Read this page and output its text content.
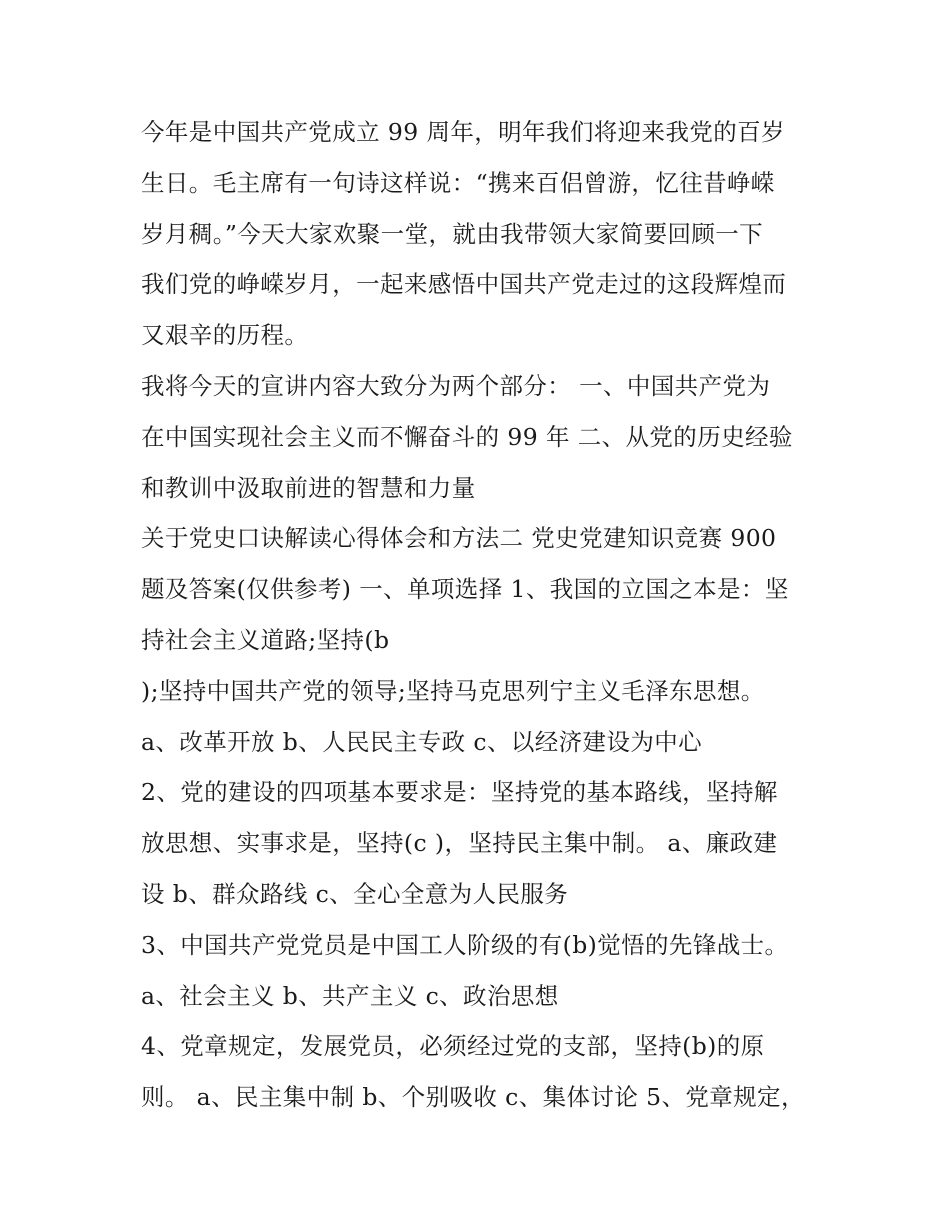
今年是中国共产党成立 99 周年，明年我们将迎来我党的百岁
生日。毛主席有一句诗这样说：“携来百侣曾游，忆往昔峥嵘
岁月稠。”今天大家欢聚一堂，就由我带领大家简要回顾一下
我们党的峥嵘岁月，一起来感悟中国共产党走过的这段辉煌而
又艰辛的历程。
我将今天的宣讲内容大致分为两个部分： 一、中国共产党为
在中国实现社会主义而不懈奋斗的 99 年 二、从党的历史经验
和教训中汲取前进的智慧和力量
关于党史口诀解读心得体会和方法二 党史党建知识竞赛 900
题及答案(仅供参考) 一、单项选择 1、我国的立国之本是：坚
持社会主义道路;坚持(b
);坚持中国共产党的领导;坚持马克思列宁主义毛泽东思想。
a、改革开放 b、人民民主专政 c、以经济建设为中心
2、党的建设的四项基本要求是：坚持党的基本路线，坚持解
放思想、实事求是，坚持(c )，坚持民主集中制。 a、廉政建
设 b、群众路线 c、全心全意为人民服务
3、中国共产党党员是中国工人阶级的有(b)觉悟的先锋战士。
a、社会主义 b、共产主义 c、政治思想
4、党章规定，发展党员，必须经过党的支部，坚持(b)的原
则。 a、民主集中制 b、个别吸收 c、集体讨论 5、党章规定，
